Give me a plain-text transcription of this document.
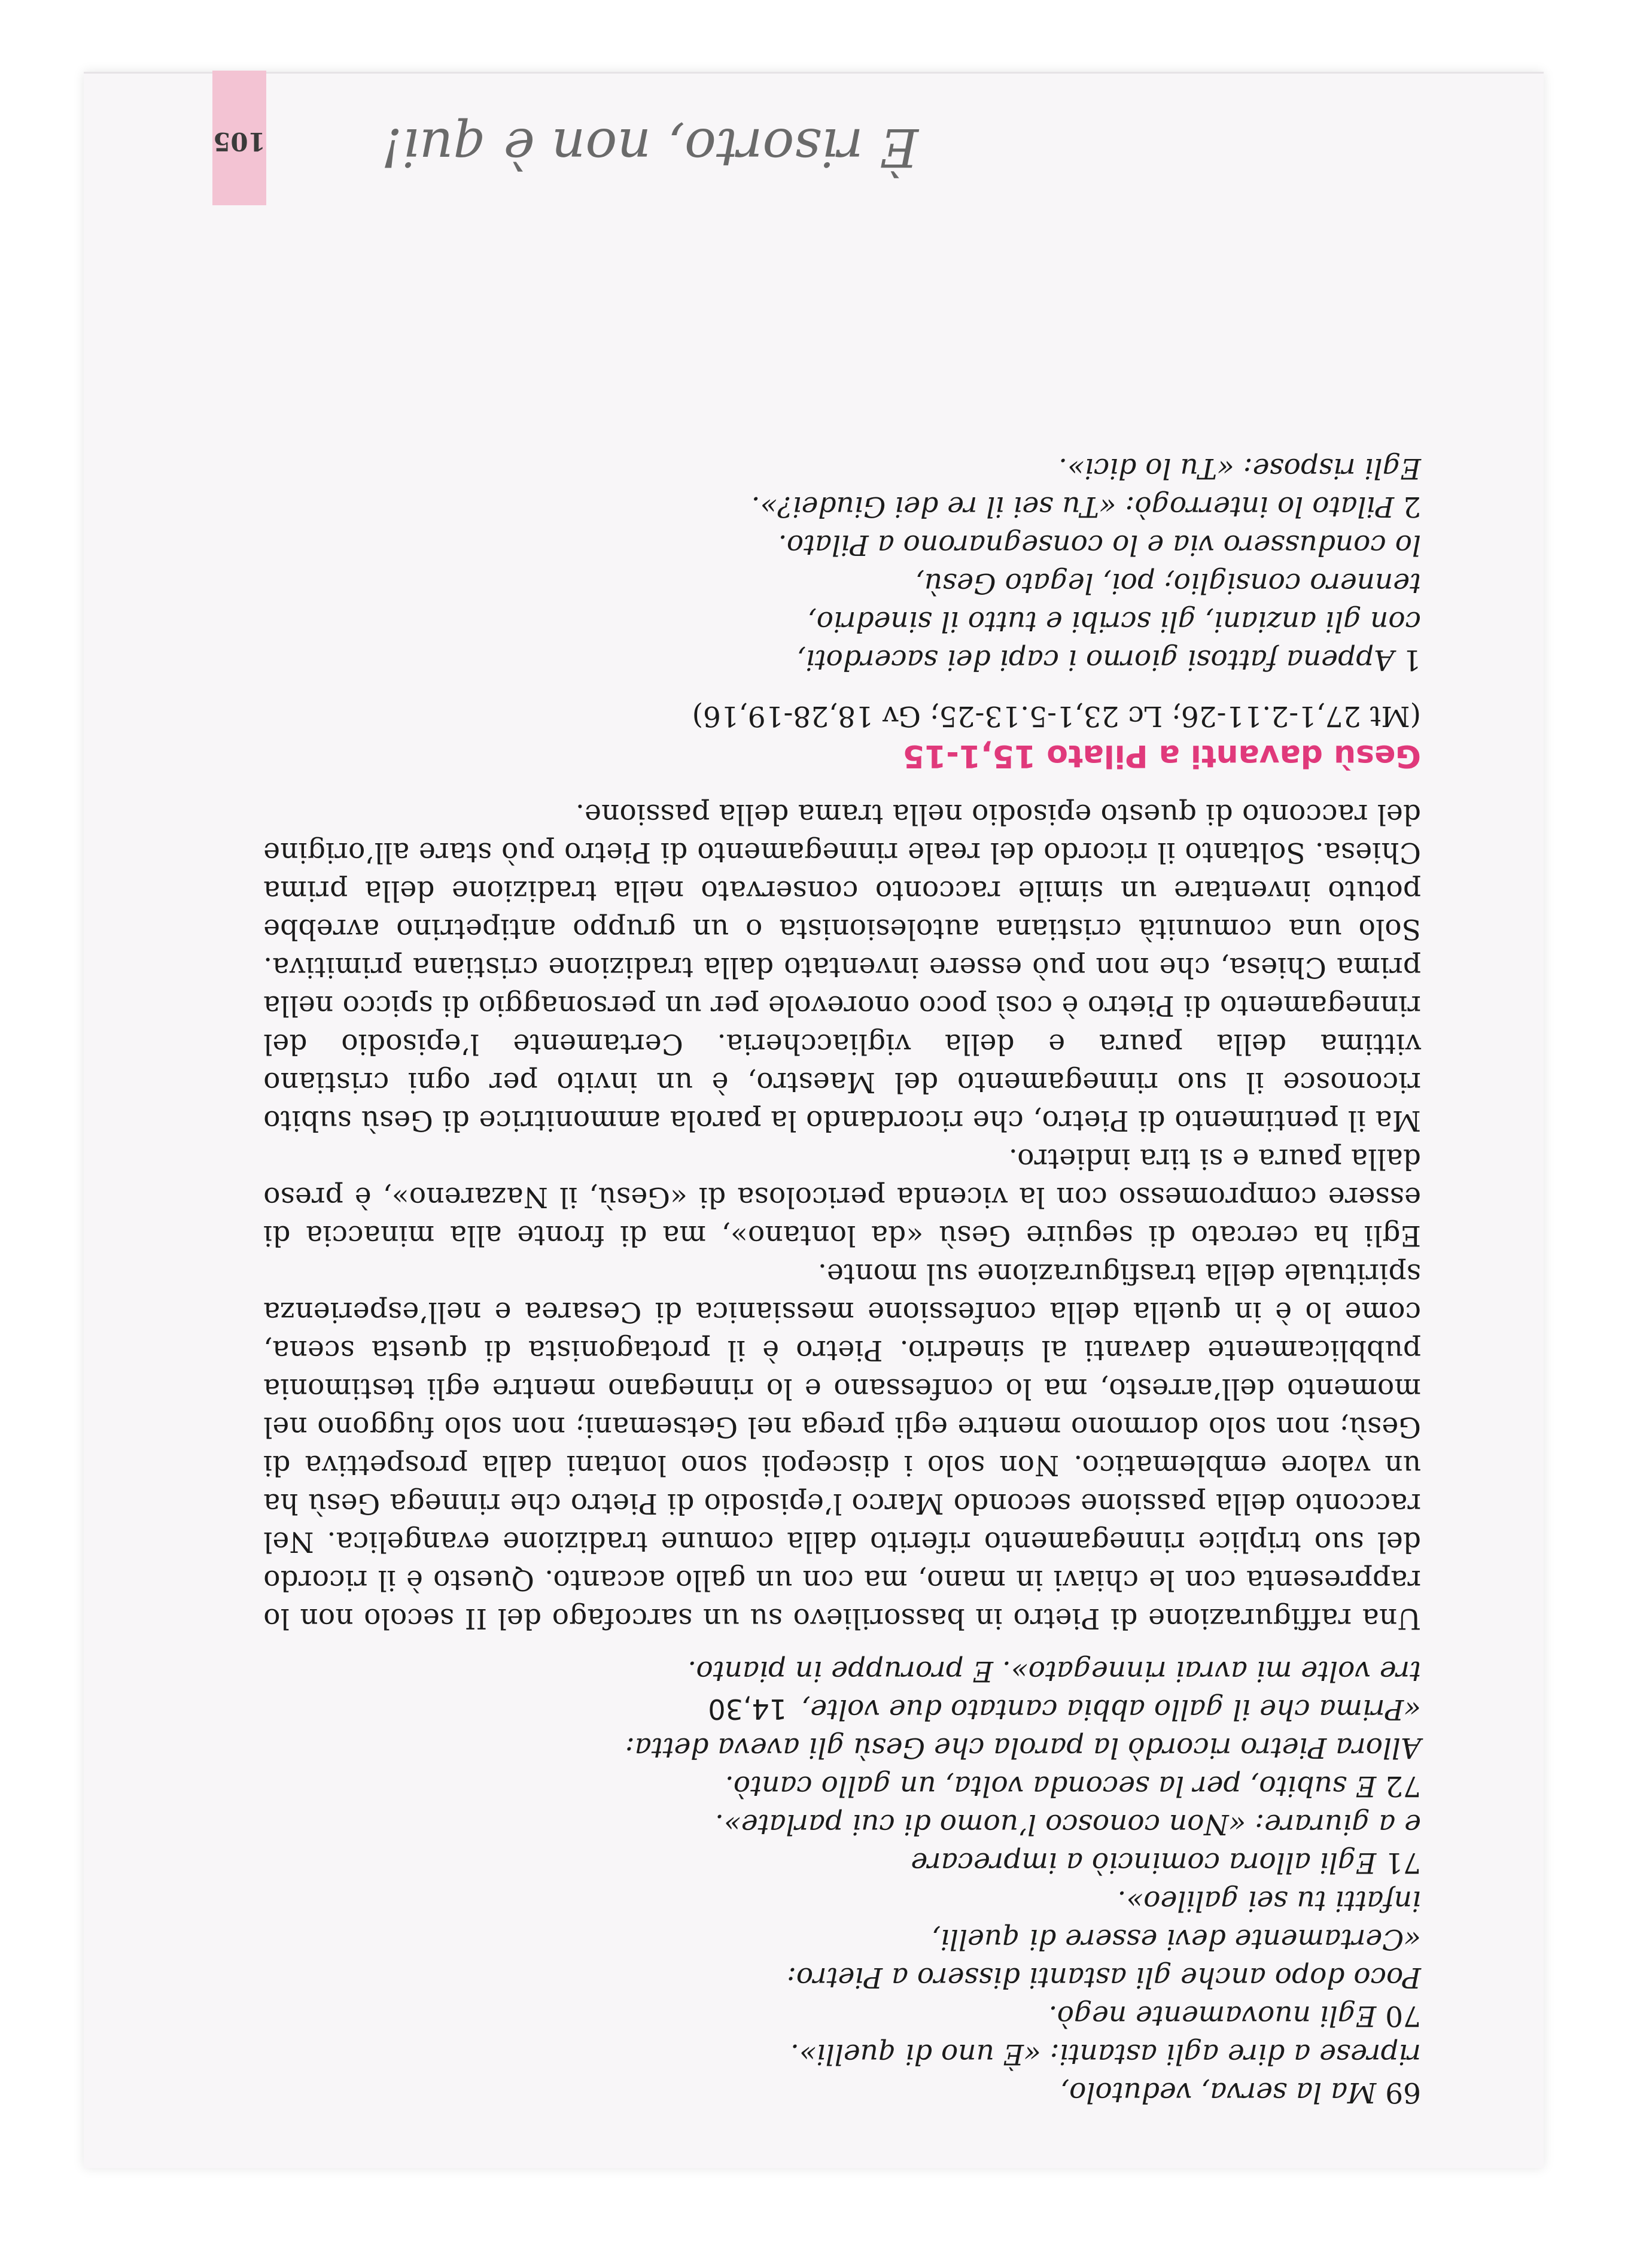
69 Ma la serva, vedutolo,

riprese a dire agli astanti: «È uno di quelli».

70 Egli nuovamente negò.

Poco dopo anche gli astanti dissero a Pietro:

«Certamente devi essere di quelli,

infatti tu sei galileo».

71 Egli allora cominciò a imprecare

e a giurare: «Non conosco l’uomo di cui parlate».

72 E subito, per la seconda volta, un gallo cantò.

Allora Pietro ricordò la parola che Gesù gli aveva detta:

«Prima che il gallo abbia cantato due volte,
14,30

tre volte mi avrai rinnegato». E proruppe in pianto.

Una raffigurazione di Pietro in bassorilievo su un sarcofago del II secolo non lo rappresenta con le chiavi in mano, ma con un gallo accanto. Questo è il ricordo del suo triplice rinnegamento riferito dalla comune tradizione evangelica. Nel racconto della passione secondo Marco l’episodio di Pietro che rinnega Gesù ha un valore emblematico. Non solo i discepoli sono lontani dalla prospettiva di Gesù; non solo dormono mentre egli prega nel Getsemani; non solo fuggono nel momento dell’arresto, ma lo confessano e lo rinnegano mentre egli testimonia pubblicamente davanti al sinedrio. Pietro è il protagonista di questa scena, come lo è in quella della confessione messianica di Cesarea e nell’esperienza spirituale della trasfigurazione sul monte.

Egli ha cercato di seguire Gesù «da lontano», ma di fronte alla minaccia di essere compromesso con la vicenda pericolosa di «Gesù, il Nazareno», è preso dalla paura e si tira indietro.

Ma il pentimento di Pietro, che ricordando la parola ammonitrice di Gesù subito riconosce il suo rinnegamento del Maestro, è un invito per ogni cristiano vittima della paura e della vigliaccheria. Certamente l’episodio del rinnegamento di Pietro è così poco onorevole per un personaggio di spicco nella prima Chiesa, che non può essere inventato dalla tradizione cristiana primitiva. Solo una comunità cristiana autolesionista o un gruppo antipetrino avrebbe potuto inventare un simile racconto conservato nella tradizione della prima Chiesa. Soltanto il ricordo del reale rinnegamento di Pietro può stare all’origine del racconto di questo episodio nella trama della passione.

Gesù davanti a Pilato 15,1-15
(Mt 27,1-2.11-26; Lc 23,1-5.13-25; Gv 18,28-19,16)

1 Appena fattosi giorno i capi dei sacerdoti,

con gli anziani, gli scribi e tutto il sinedrio,

tennero consiglio; poi, legato Gesù,

lo condussero via e lo consegnarono a Pilato.

2 Pilato lo interrogò: «Tu sei il re dei Giudei?».

Egli rispose: «Tu lo dici».

È risorto, non è qui!
105
